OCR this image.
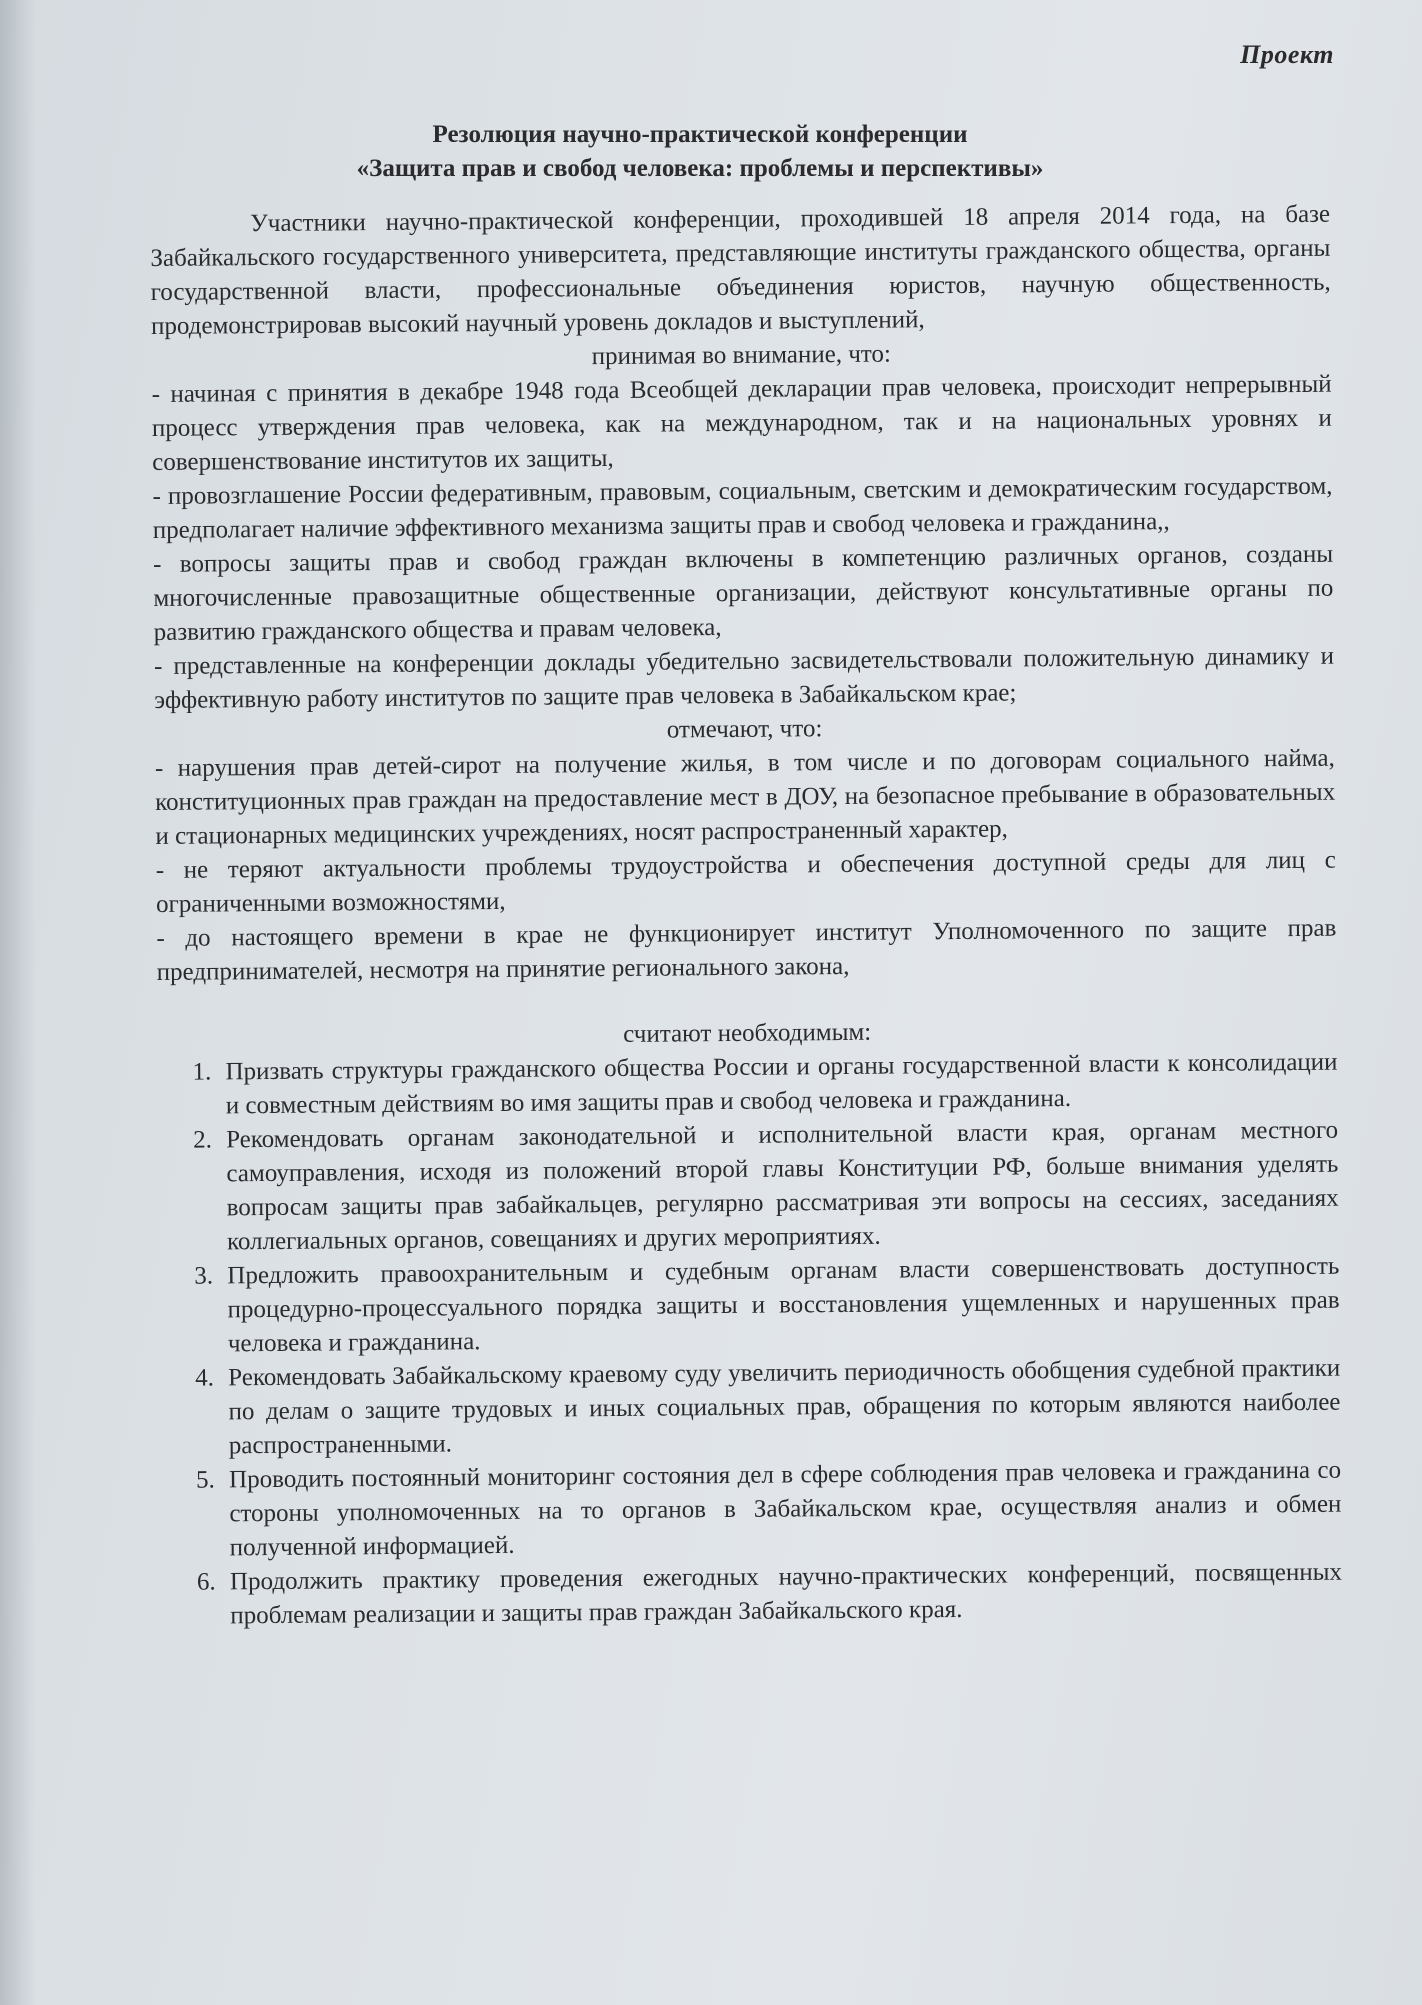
Проект
Резолюция научно-практической конференции
«Защита прав и свобод человека: проблемы и перспективы»

Участники научно-практической конференции, проходившей 18 апреля 2014 года, на базе Забайкальского государственного университета, представляющие институты гражданского общества, органы государственной власти, профессиональные объединения юристов, научную общественность, продемонстрировав высокий научный уровень докладов и выступлений,

принимая во внимание, что:

- начиная с принятия в декабре 1948 года Всеобщей декларации прав человека, происходит непрерывный процесс утверждения прав человека, как на международном, так и на национальных уровнях и совершенствование институтов их защиты,

- провозглашение России федеративным, правовым, социальным, светским и демократическим государством, предполагает наличие эффективного механизма защиты прав и свобод человека и гражданина,,

- вопросы защиты прав и свобод граждан включены в компетенцию различных органов, созданы многочисленные правозащитные общественные организации, действуют консультативные органы по развитию гражданского общества и правам человека,

- представленные на конференции доклады убедительно засвидетельствовали положительную динамику и эффективную работу институтов по защите прав человека в Забайкальском крае;

отмечают, что:

- нарушения прав детей-сирот на получение жилья, в том числе и по договорам социального найма, конституционных прав граждан на предоставление мест в ДОУ, на безопасное пребывание в образовательных и стационарных медицинских учреждениях, носят распространенный характер,

- не теряют актуальности проблемы трудоустройства и обеспечения доступной среды для лиц с ограниченными возможностями,

- до настоящего времени в крае не функционирует институт Уполномоченного по защите прав предпринимателей, несмотря на принятие регионального закона,

считают необходимым:

1. Призвать структуры гражданского общества России и органы государственной власти к консолидации и совместным действиям во имя защиты прав и свобод человека и гражданина.
2. Рекомендовать органам законодательной и исполнительной власти края, органам местного самоуправления, исходя из положений второй главы Конституции РФ, больше внимания уделять вопросам защиты прав забайкальцев, регулярно рассматривая эти вопросы на сессиях, заседаниях коллегиальных органов, совещаниях и других мероприятиях.
3. Предложить правоохранительным и судебным органам власти совершенствовать доступность процедурно-процессуального порядка защиты и восстановления ущемленных и нарушенных прав человека и гражданина.
4. Рекомендовать Забайкальскому краевому суду увеличить периодичность обобщения судебной практики по делам о защите трудовых и иных социальных прав, обращения по которым являются наиболее распространенными.
5. Проводить постоянный мониторинг состояния дел в сфере соблюдения прав человека и гражданина со стороны уполномоченных на то органов в Забайкальском крае, осуществляя анализ и обмен полученной информацией.
6. Продолжить практику проведения ежегодных научно-практических конференций, посвященных проблемам реализации и защиты прав граждан Забайкальского края.
